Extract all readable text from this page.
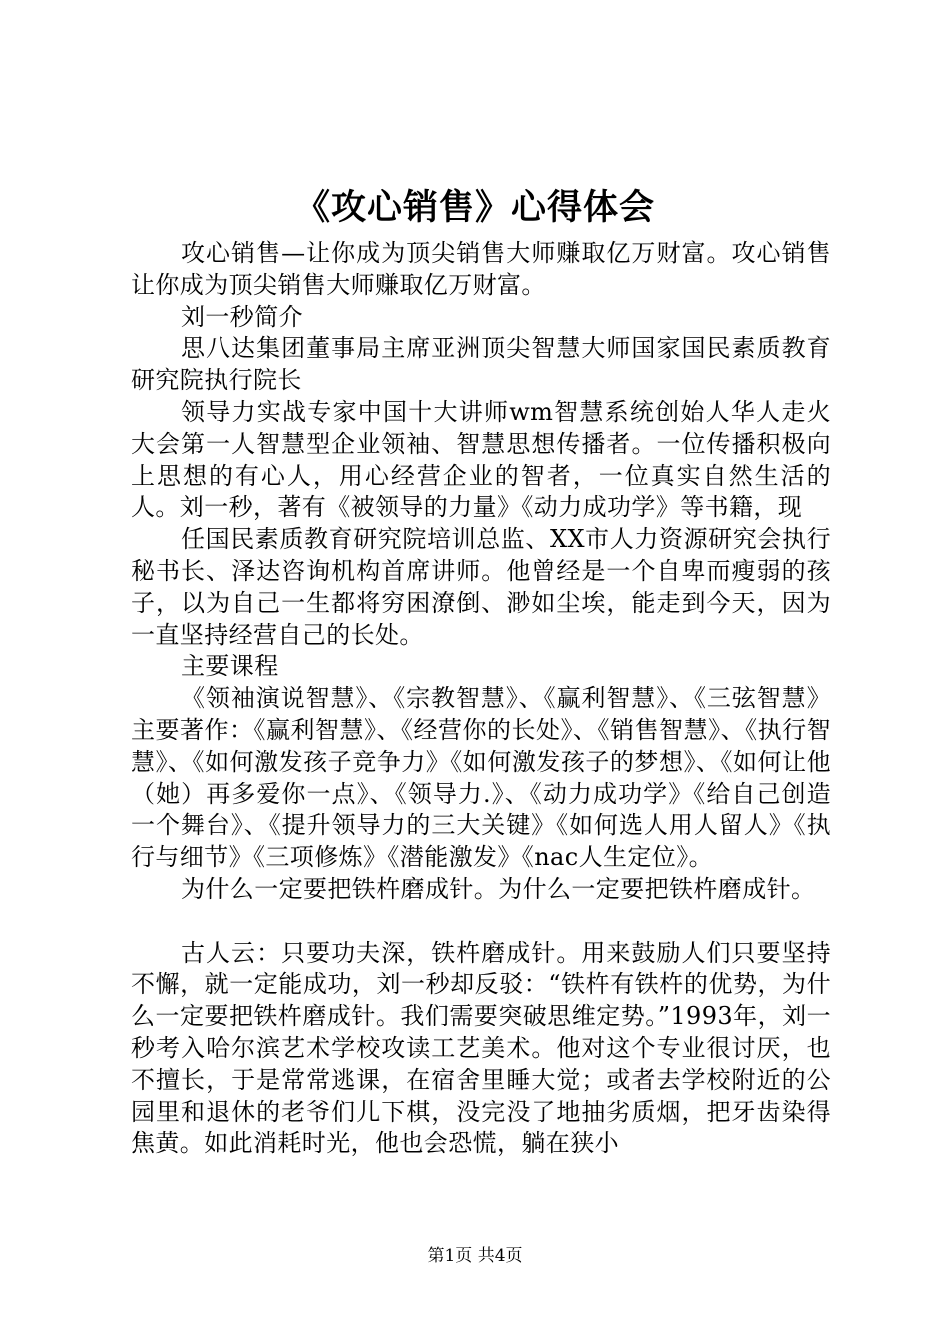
《攻心销售》心得体会

攻心销售—让你成为顶尖销售大师赚取亿万财富。攻心销售让你成为顶尖销售大师赚取亿万财富。

刘一秒简介

思八达集团董事局主席亚洲顶尖智慧大师国家国民素质教育研究院执行院长

领导力实战专家中国十大讲师wm智慧系统创始人华人走火大会第一人智慧型企业领袖、智慧思想传播者。一位传播积极向上思想的有心人，用心经营企业的智者，一位真实自然生活的人。刘一秒，著有《被领导的力量》《动力成功学》等书籍，现

任国民素质教育研究院培训总监、XX市人力资源研究会执行秘书长、泽达咨询机构首席讲师。他曾经是一个自卑而瘦弱的孩子，以为自己一生都将穷困潦倒、渺如尘埃，能走到今天，因为一直坚持经营自己的长处。

主要课程

《领袖演说智慧》、《宗教智慧》、《赢利智慧》、《三弦智慧》主要著作：《赢利智慧》、《经营你的长处》、《销售智慧》、《执行智慧》、《如何激发孩子竞争力》《如何激发孩子的梦想》、《如何让他（她）再多爱你一点》、《领导力.》、《动力成功学》《给自己创造一个舞台》、《提升领导力的三大关键》《如何选人用人留人》《执行与细节》《三项修炼》《潜能激发》《nac人生定位》。

为什么一定要把铁杵磨成针。为什么一定要把铁杵磨成针。

古人云：只要功夫深，铁杵磨成针。用来鼓励人们只要坚持不懈，就一定能成功，刘一秒却反驳：“铁杵有铁杵的优势，为什么一定要把铁杵磨成针。我们需要突破思维定势。”1993年，刘一秒考入哈尔滨艺术学校攻读工艺美术。他对这个专业很讨厌，也不擅长，于是常常逃课，在宿舍里睡大觉；或者去学校附近的公园里和退休的老爷们儿下棋，没完没了地抽劣质烟，把牙齿染得焦黄。如此消耗时光，他也会恐慌，躺在狭小

第1页 共4页
